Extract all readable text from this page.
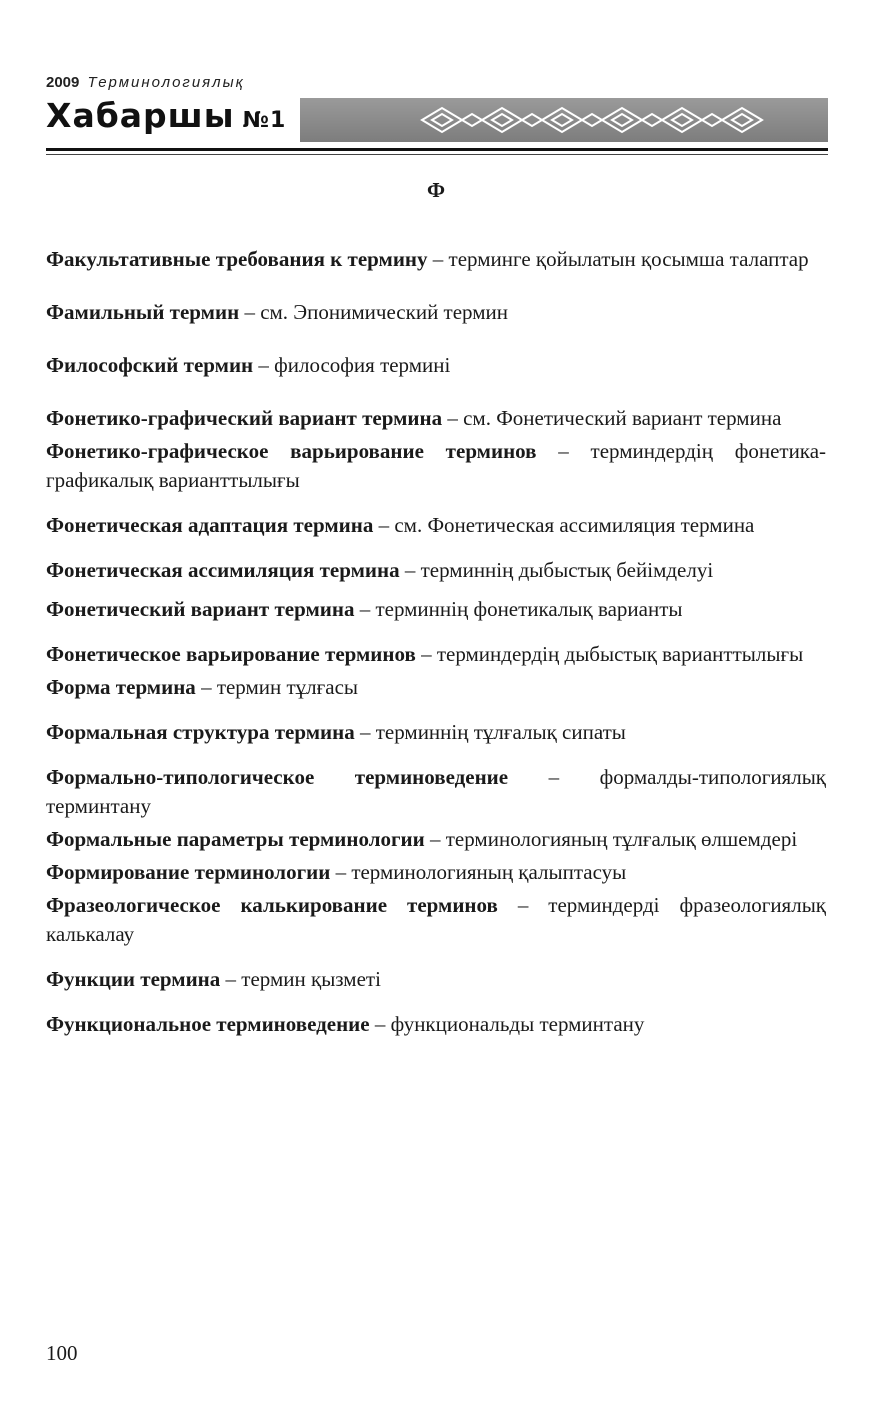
2009 Терминологиялық
Хабаршы №1
Ф
Факультативные требования к термину – терминге қойылатын қосымша талаптар
Фамильный термин – см. Эпонимический термин
Философский термин – философия термині
Фонетико-графический вариант термина – см. Фонетический вариант термина
Фонетико-графическое варьирование терминов – терминдердің фонетика-графикалық варианттылығы
Фонетическая адаптация термина – см. Фонетическая ассимиляция термина
Фонетическая ассимиляция термина – терминнің дыбыстық бейімделуі
Фонетический вариант термина – терминнің фонетикалық варианты
Фонетическое варьирование терминов – терминдердің дыбыстық варианттылығы
Форма термина – термин тұлғасы
Формальная структура термина – терминнің тұлғалық сипаты
Формально-типологическое терминоведение – формалды-типологиялық терминтану
Формальные параметры терминологии – терминологияның тұлғалық өлшемдері
Формирование терминологии – терминологияның қалыптасуы
Фразеологическое калькирование терминов – терминдерді фразеологиялық калькалау
Функции термина – термин қызметі
Функциональное терминоведение – функциональды терминтану
100
